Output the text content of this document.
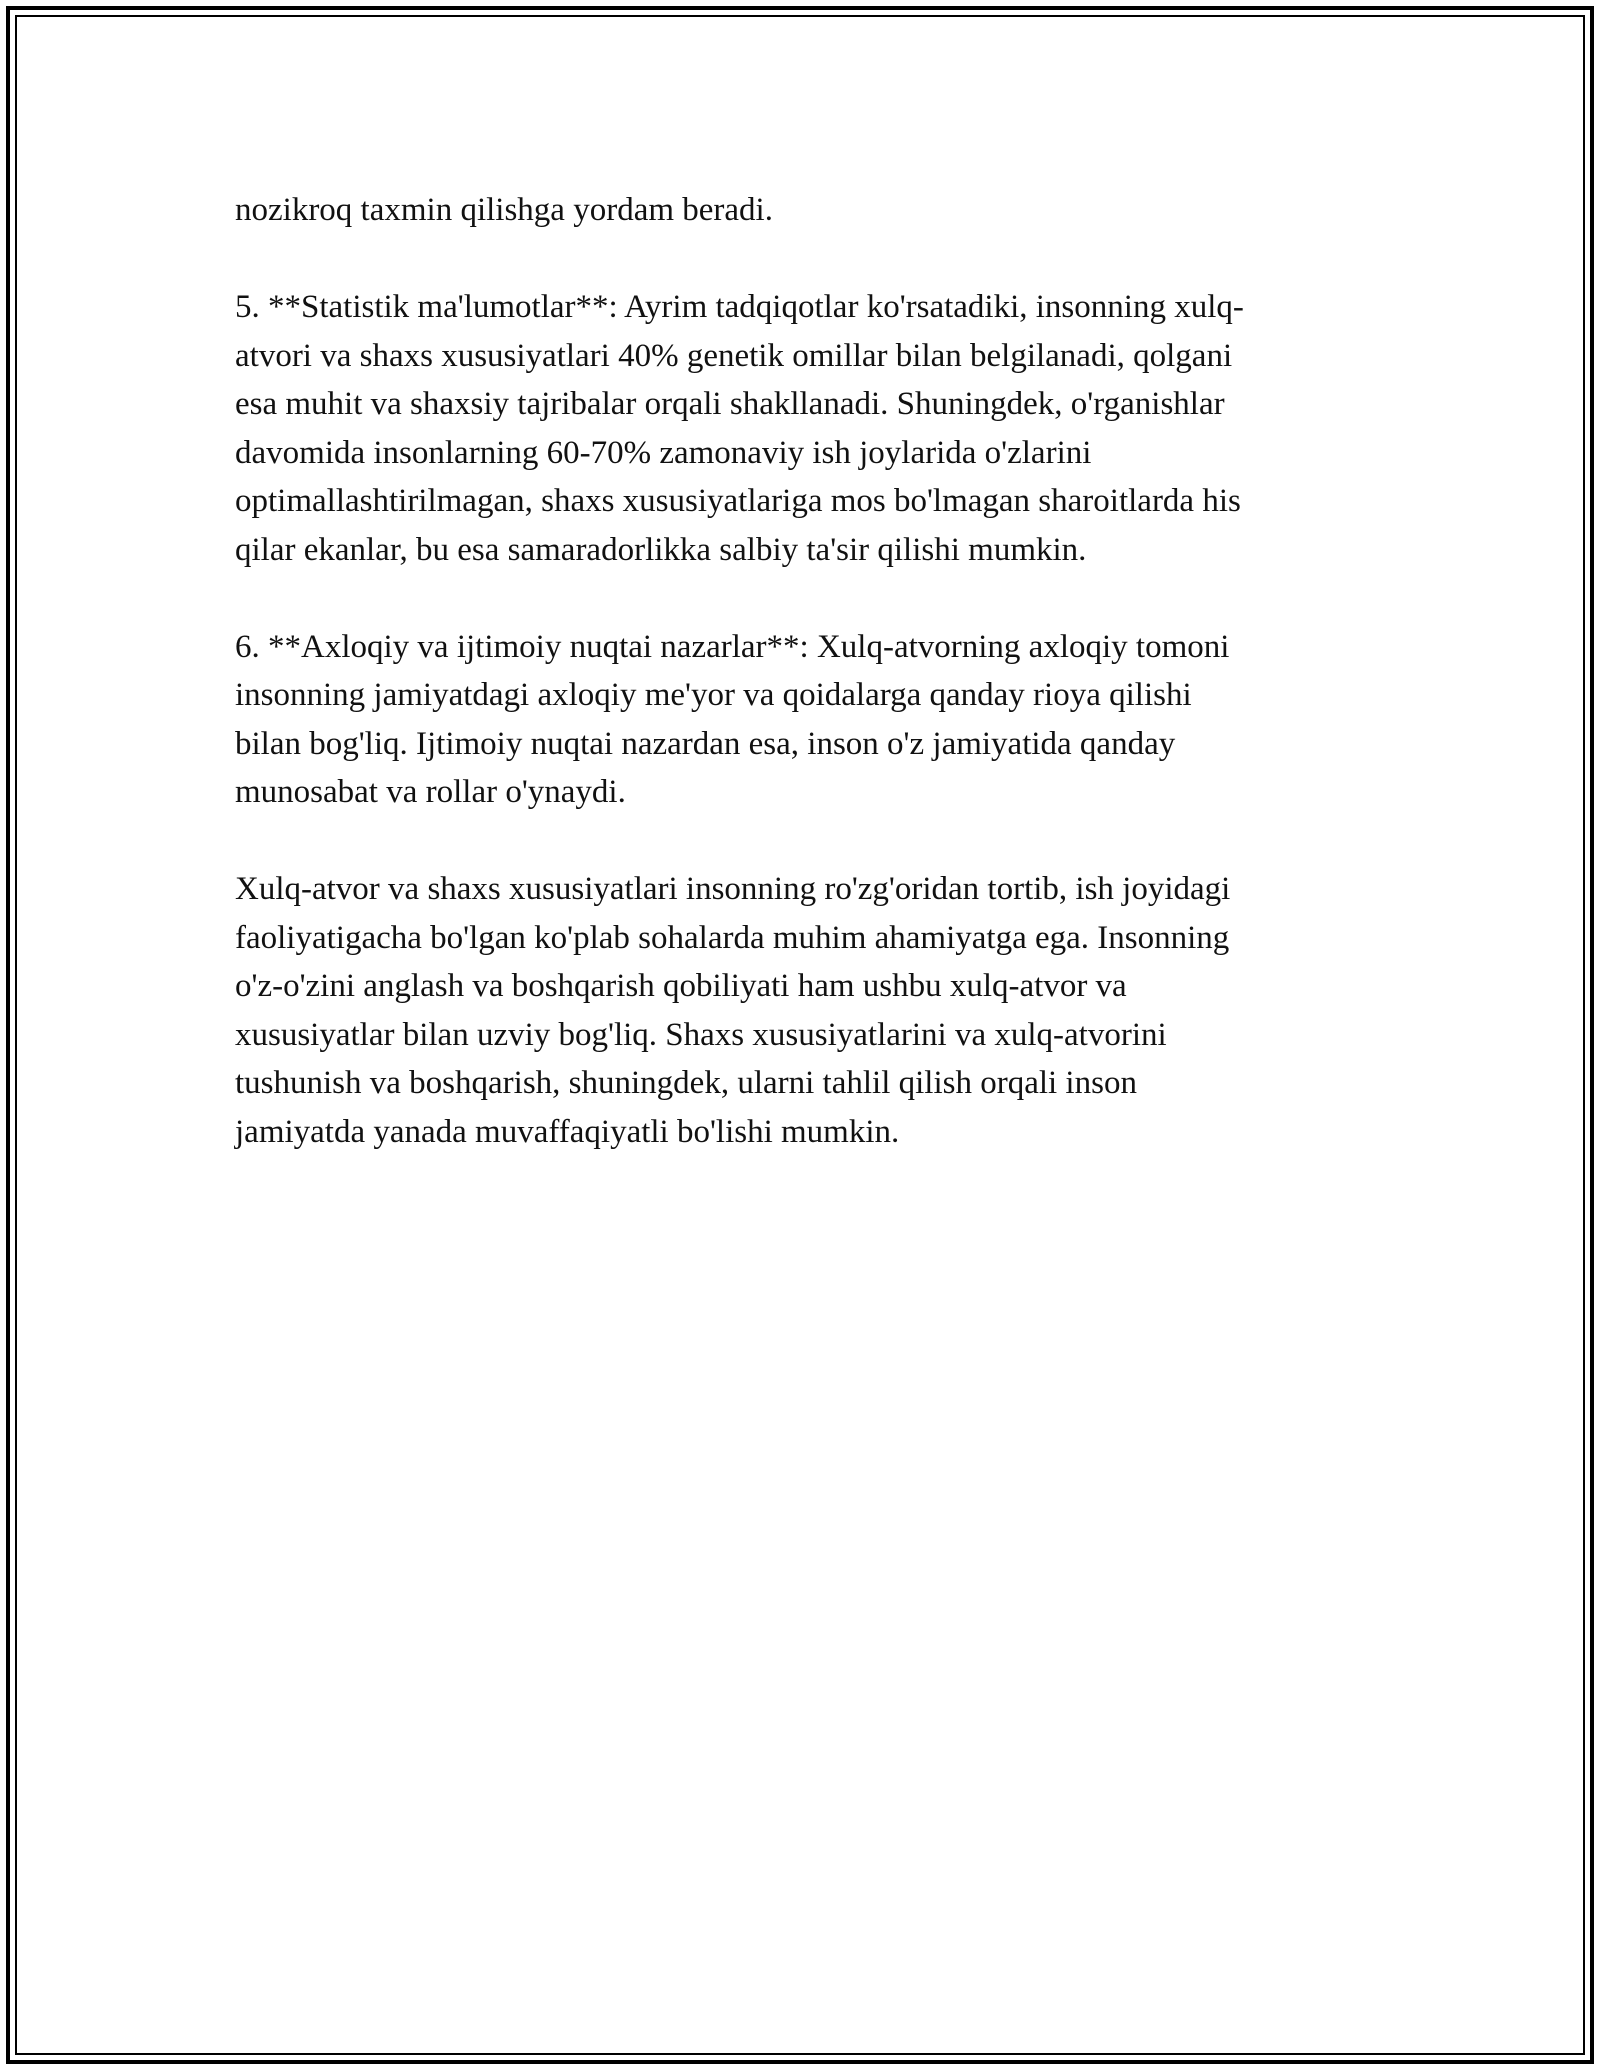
nozikroq taxmin qilishga yordam beradi.

5. **Statistik ma'lumotlar**: Ayrim tadqiqotlar ko'rsatadiki, insonning xulq-
atvori va shaxs xususiyatlari 40% genetik omillar bilan belgilanadi, qolgani
esa muhit va shaxsiy tajribalar orqali shakllanadi. Shuningdek, o'rganishlar
davomida insonlarning 60-70% zamonaviy ish joylarida o'zlarini
optimallashtirilmagan, shaxs xususiyatlariga mos bo'lmagan sharoitlarda his
qilar ekanlar, bu esa samaradorlikka salbiy ta'sir qilishi mumkin.

6. **Axloqiy va ijtimoiy nuqtai nazarlar**: Xulq-atvorning axloqiy tomoni
insonning jamiyatdagi axloqiy me'yor va qoidalarga qanday rioya qilishi
bilan bog'liq. Ijtimoiy nuqtai nazardan esa, inson o'z jamiyatida qanday
munosabat va rollar o'ynaydi.

Xulq-atvor va shaxs xususiyatlari insonning ro'zg'oridan tortib, ish joyidagi
faoliyatigacha bo'lgan ko'plab sohalarda muhim ahamiyatga ega. Insonning
o'z-o'zini anglash va boshqarish qobiliyati ham ushbu xulq-atvor va
xususiyatlar bilan uzviy bog'liq. Shaxs xususiyatlarini va xulq-atvorini
tushunish va boshqarish, shuningdek, ularni tahlil qilish orqali inson
jamiyatda yanada muvaffaqiyatli bo'lishi mumkin.
